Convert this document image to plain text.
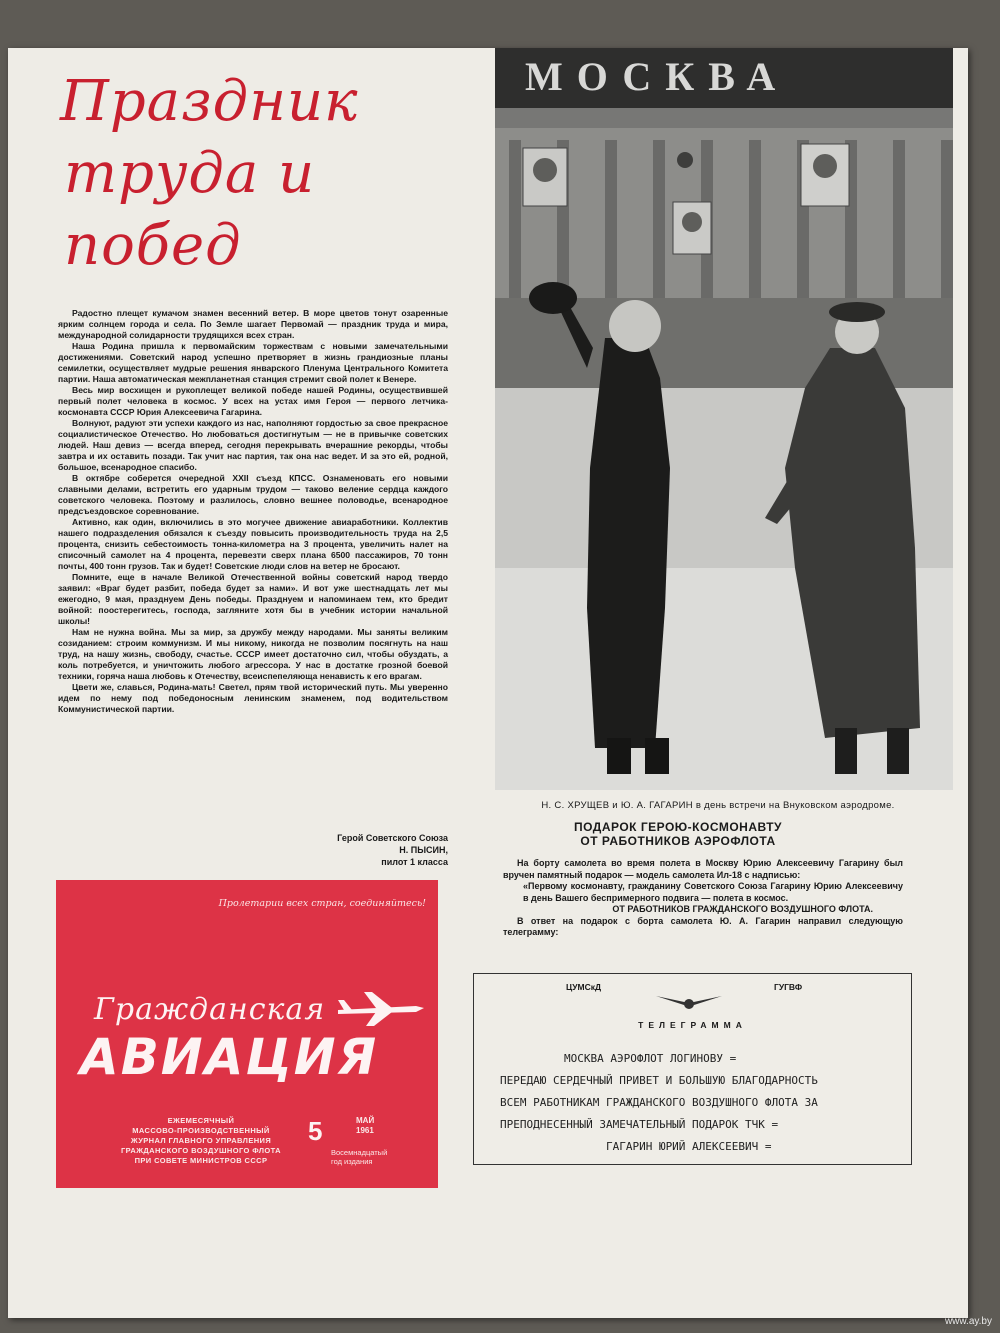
Праздник
труда и побед

Радостно плещет кумачом знамен весенний ветер. В море цветов тонут озаренные ярким солнцем города и села. По Земле шагает Первомай — праздник труда и мира, международной солидарности трудящихся всех стран.

Наша Родина пришла к первомайским торжествам с новыми замечательными достижениями. Советский народ успешно претворяет в жизнь грандиозные планы семилетки, осуществляет мудрые решения январского Пленума Центрального Комитета партии. Наша автоматическая межпланетная станция стремит свой полет к Венере.

Весь мир восхищен и рукоплещет великой победе нашей Родины, осуществившей первый полет человека в космос. У всех на устах имя Героя — первого летчика-космонавта СССР Юрия Алексеевича Гагарина.

Волнуют, радуют эти успехи каждого из нас, наполняют гордостью за свое прекрасное социалистическое Отечество. Но любоваться достигнутым — не в привычке советских людей. Наш девиз — всегда вперед, сегодня перекрывать вчерашние рекорды, чтобы завтра и их оставить позади. Так учит нас партия, так она нас ведет. И за это ей, родной, большое, всенародное спасибо.

В октябре соберется очередной XXII съезд КПСС. Ознаменовать его новыми славными делами, встретить его ударным трудом — таково веление сердца каждого советского человека. Поэтому и разлилось, словно вешнее половодье, всенародное предсъездовское соревнование.

Активно, как один, включились в это могучее движение авиаработники. Коллектив нашего подразделения обязался к съезду повысить производительность труда на 2,5 процента, снизить себестоимость тонна-километра на 3 процента, увеличить налет на списочный самолет на 4 процента, перевезти сверх плана 6500 пассажиров, 70 тонн почты, 400 тонн грузов. Так и будет! Советские люди слов на ветер не бросают.

Помните, еще в начале Великой Отечественной войны советский народ твердо заявил: «Враг будет разбит, победа будет за нами». И вот уже шестнадцать лет мы ежегодно, 9 мая, празднуем День победы. Празднуем и напоминаем тем, кто бредит войной: поостерегитесь, господа, загляните хотя бы в учебник истории начальной школы!

Нам не нужна война. Мы за мир, за дружбу между народами. Мы заняты великим созиданием: строим коммунизм. И мы никому, никогда не позволим посягнуть на наш труд, на нашу жизнь, свободу, счастье. СССР имеет достаточно сил, чтобы обуздать, а коль потребуется, и уничтожить любого агрессора. У нас в достатке грозной боевой техники, горяча наша любовь к Отечеству, всеиспепеляюща ненависть к его врагам.

Цвети же, славься, Родина-мать! Светел, прям твой исторический путь. Мы уверенно идем по нему под победоносным ленинским знаменем, под водительством Коммунистической партии.

Герой Советского Союза
Н. ПЫСИН,
пилот 1 класса
МОСКВА
Н. С. ХРУЩЕВ и Ю. А. ГАГАРИН в день встречи на Внуковском аэродроме.
ПОДАРОК ГЕРОЮ-КОСМОНАВТУ
ОТ РАБОТНИКОВ АЭРОФЛОТА

На борту самолета во время полета в Москву Юрию Алексеевичу Гагарину был вручен памятный подарок — модель самолета Ил-18 с надписью:

«Первому космонавту, гражданину Советского Союза Гагарину Юрию Алексеевичу в день Вашего беспримерного подвига — полета в космос.

ОТ РАБОТНИКОВ ГРАЖДАНСКОГО ВОЗДУШНОГО ФЛОТА.

В ответ на подарок с борта самолета Ю. А. Гагарин направил следующую телеграмму:

ЦУМСкД	ГУГВФ
ТЕЛЕГРАММА
МОСКВА АЭРОФЛОТ ЛОГИНОВУ =
ПЕРЕДАЮ СЕРДЕЧНЫЙ ПРИВЕТ И БОЛЬШУЮ БЛАГОДАРНОСТЬ
ВСЕМ РАБОТНИКАМ ГРАЖДАНСКОГО ВОЗДУШНОГО ФЛОТА ЗА
ПРЕПОДНЕСЕННЫЙ ЗАМЕЧАТЕЛЬНЫЙ ПОДАРОК ТЧК =
ГАГАРИН ЮРИЙ АЛЕКСЕЕВИЧ =
Пролетарии всех стран, соединяйтесь!
Гражданская
АВИАЦИЯ
ЕЖЕМЕСЯЧНЫЙ
МАССОВО-ПРОИЗВОДСТВЕННЫЙ
ЖУРНАЛ ГЛАВНОГО УПРАВЛЕНИЯ
ГРАЖДАНСКОГО ВОЗДУШНОГО ФЛОТА
ПРИ СОВЕТЕ МИНИСТРОВ СССР
5	МАЙ
1961
Восемнадцатый
год издания
www.ay.by
